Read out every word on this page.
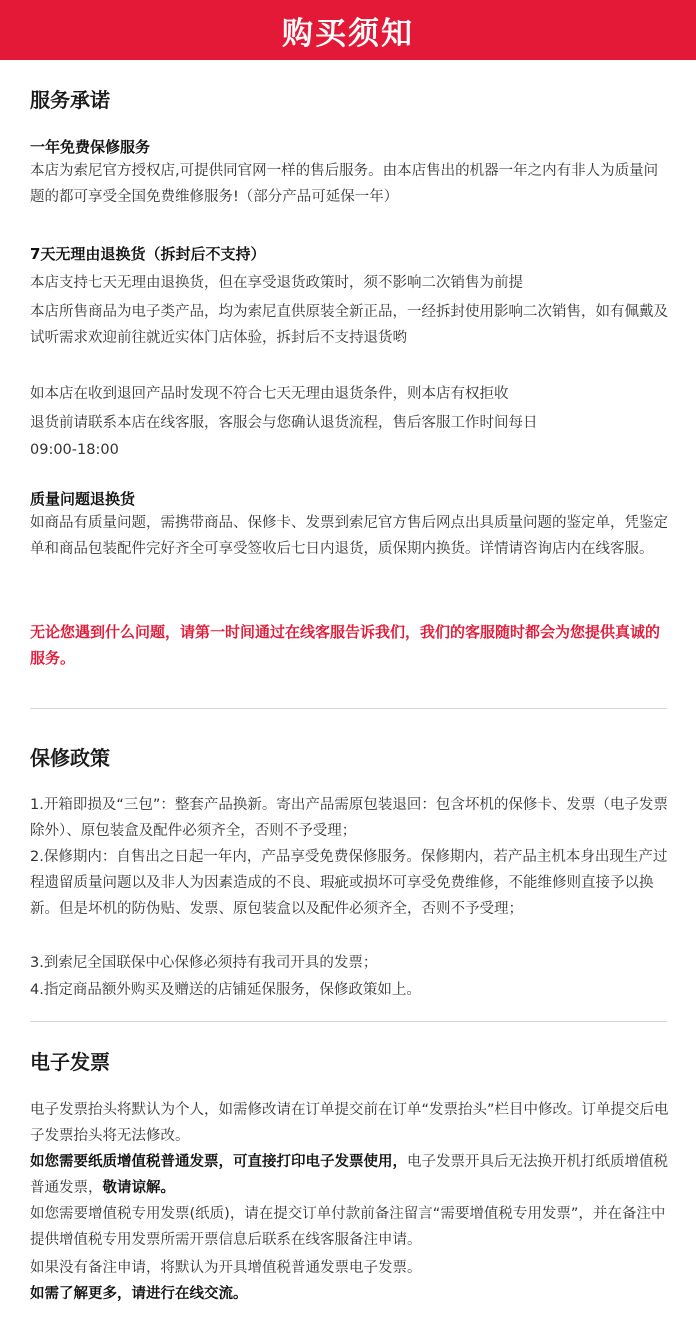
购买须知
服务承诺
一年免费保修服务

本店为索尼官方授权店,可提供同官网一样的售后服务。由本店售出的机器一年之内有非人为质量问题的都可享受全国免费维修服务!（部分产品可延保一年）

7天无理由退换货（拆封后不支持）

本店支持七天无理由退换货，但在享受退货政策时，须不影响二次销售为前提

本店所售商品为电子类产品，均为索尼直供原装全新正品，一经拆封使用影响二次销售，如有佩戴及试听需求欢迎前往就近实体门店体验，拆封后不支持退货哟

如本店在收到退回产品时发现不符合七天无理由退货条件，则本店有权拒收

退货前请联系本店在线客服，客服会与您确认退货流程，售后客服工作时间每日

09:00-18:00

质量问题退换货

如商品有质量问题，需携带商品、保修卡、发票到索尼官方售后网点出具质量问题的鉴定单，凭鉴定单和商品包装配件完好齐全可享受签收后七日内退货，质保期内换货。详情请咨询店内在线客服。

无论您遇到什么问题，请第一时间通过在线客服告诉我们，我们的客服随时都会为您提供真诚的服务。

保修政策

1.开箱即损及“三包”：整套产品换新。寄出产品需原包装退回：包含坏机的保修卡、发票（电子发票除外）、原包装盒及配件必须齐全，否则不予受理；

2.保修期内：自售出之日起一年内，产品享受免费保修服务。保修期内，若产品主机本身出现生产过程遗留质量问题以及非人为因素造成的不良、瑕疵或损坏可享受免费维修，不能维修则直接予以换新。但是坏机的防伪贴、发票、原包装盒以及配件必须齐全，否则不予受理；

3.到索尼全国联保中心保修必须持有我司开具的发票；

4.指定商品额外购买及赠送的店铺延保服务，保修政策如上。

电子发票

电子发票抬头将默认为个人，如需修改请在订单提交前在订单“发票抬头”栏目中修改。订单提交后电子发票抬头将无法修改。

如您需要纸质增值税普通发票，可直接打印电子发票使用，电子发票开具后无法换开机打纸质增值税普通发票，敬请谅解。

如您需要增值税专用发票(纸质)，请在提交订单付款前备注留言“需要增值税专用发票”，并在备注中提供增值税专用发票所需开票信息后联系在线客服备注申请。

如果没有备注申请，将默认为开具增值税普通发票电子发票。

如需了解更多，请进行在线交流。
